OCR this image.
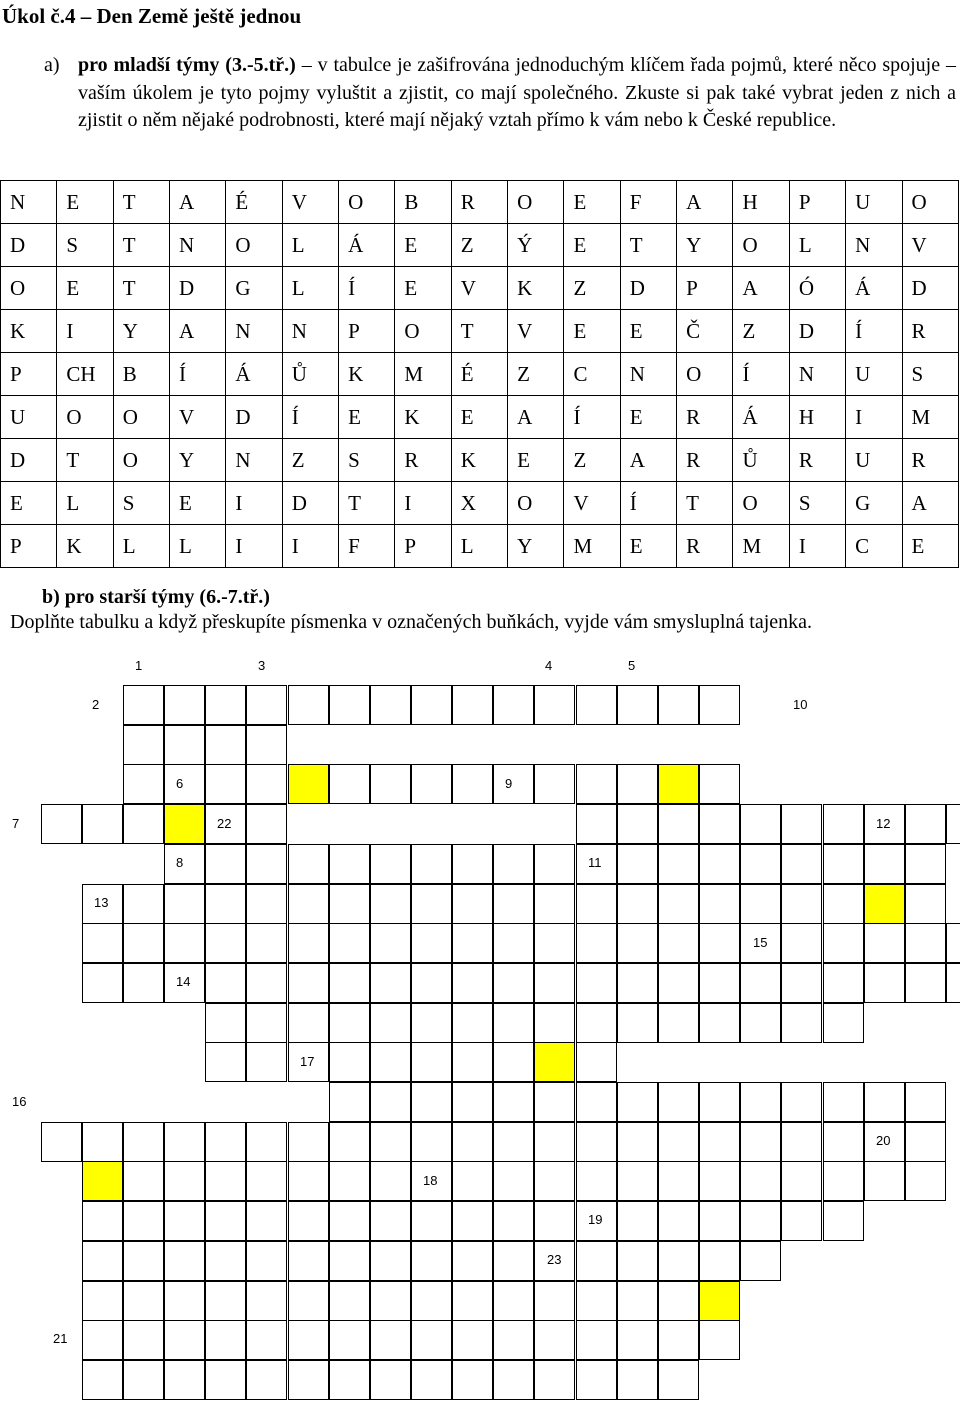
Úkol č.4 – Den Země ještě jednou
a) pro mladší týmy (3.-5.tř.) – v tabulce je zašifrována jednoduchým klíčem řada pojmů, které něco spojuje – vaším úkolem je tyto pojmy vyluštit a zjistit, co mají společného. Zkuste si pak také vybrat jeden z nich a zjistit o něm nějaké podrobnosti, které mají nějaký vztah přímo k vám nebo k České republice.
N	E	T	A	É	V	O	B	R	O	E	F	A	H	P	U	O
D	S	T	N	O	L	Á	E	Z	Ý	E	T	Y	O	L	N	V
O	E	T	D	G	L	Í	E	V	K	Z	D	P	A	Ó	Á	D
K	I	Y	A	N	N	P	O	T	V	E	E	Č	Z	D	Í	R
P	CH	B	Í	Á	Ů	K	M	É	Z	C	N	O	Í	N	U	S
U	O	O	V	D	Í	E	K	E	A	Í	E	R	Á	H	I	M
D	T	O	Y	N	Z	S	R	K	E	Z	A	R	Ů	R	U	R
E	L	S	E	I	D	T	I	X	O	V	Í	T	O	S	G	A
P	K	L	L	I	I	F	P	L	Y	M	E	R	M	I	C	E
b) pro starší týmy (6.-7.tř.)
Doplňte tabulku a když přeskupíte písmenka v označených buňkách, vyjde vám smysluplná tajenka.
1	3	4	5
2	10
6	9
7	22	12
8	11
13
15
14
17
16
20
18
19
23
21
